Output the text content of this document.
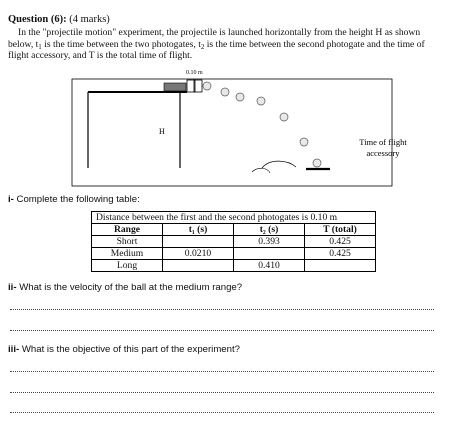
Question (6): (4 marks)
In the "projectile motion" experiment, the projectile is launched horizontally from the height H as shown
below, $t_1$ is the time between the two photogates, $t_2$ is the time between the second photogate and the time of
flight accessory, and T is the total time of flight.
0.10 m
H
Time of flight
accessory
i- Complete the following table:
Distance between the first and the second photogates is 0.10 m			
Range	t₁ (s)	t₂ (s)	T (total)
Short		0.393	0.425
Medium	0.0210		0.425
Long		0.410	
ii- What is the velocity of the ball at the medium range?
iii- What is the objective of this part of the experiment?
